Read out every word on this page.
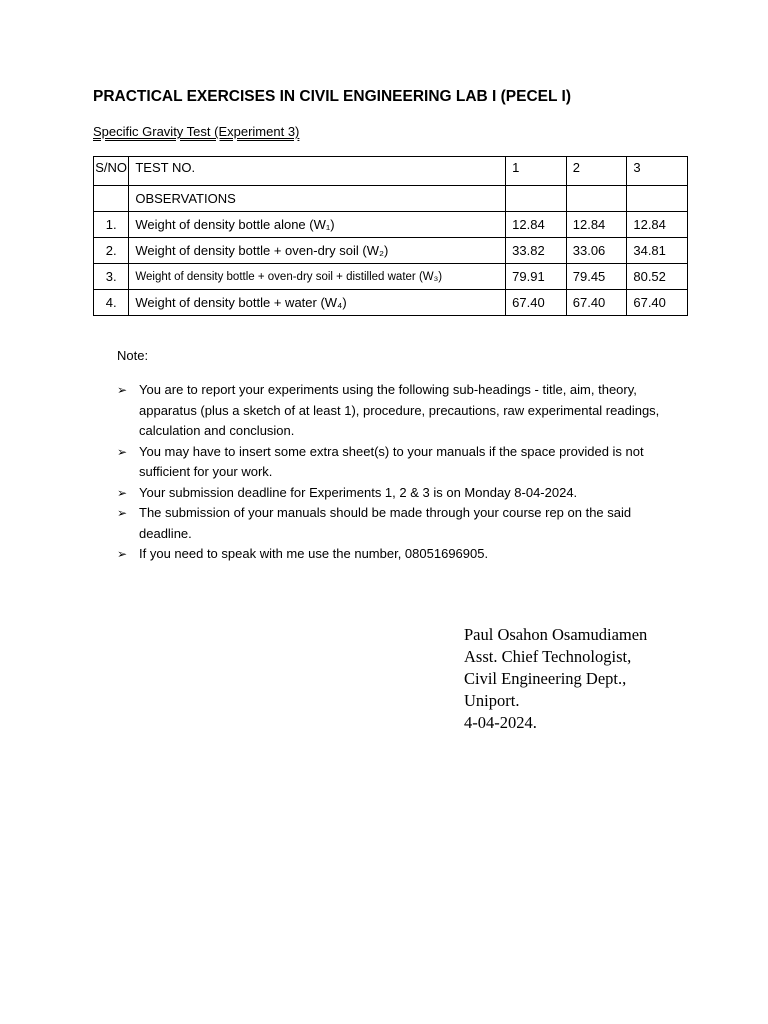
PRACTICAL EXERCISES IN CIVIL ENGINEERING LAB I (PECEL I)
Specific Gravity Test (Experiment 3)
S/NO	TEST NO.	1	2	3
	OBSERVATIONS			
1.	Weight of density bottle alone (W₁)	12.84	12.84	12.84
2.	Weight of density bottle + oven-dry soil (W₂)	33.82	33.06	34.81
3.	Weight of density bottle + oven-dry soil + distilled water (W₃)	79.91	79.45	80.52
4.	Weight of density bottle + water (W₄)	67.40	67.40	67.40
Note:
➢ You are to report your experiments using the following sub-headings - title, aim, theory, apparatus (plus a sketch of at least 1), procedure, precautions, raw experimental readings, calculation and conclusion.
➢ You may have to insert some extra sheet(s) to your manuals if the space provided is not sufficient for your work.
➢ Your submission deadline for Experiments 1, 2 & 3 is on Monday 8-04-2024.
➢ The submission of your manuals should be made through your course rep on the said deadline.
➢ If you need to speak with me use the number, 08051696905.
Paul Osahon Osamudiamen
Asst. Chief Technologist,
Civil Engineering Dept.,
Uniport.
4-04-2024.
